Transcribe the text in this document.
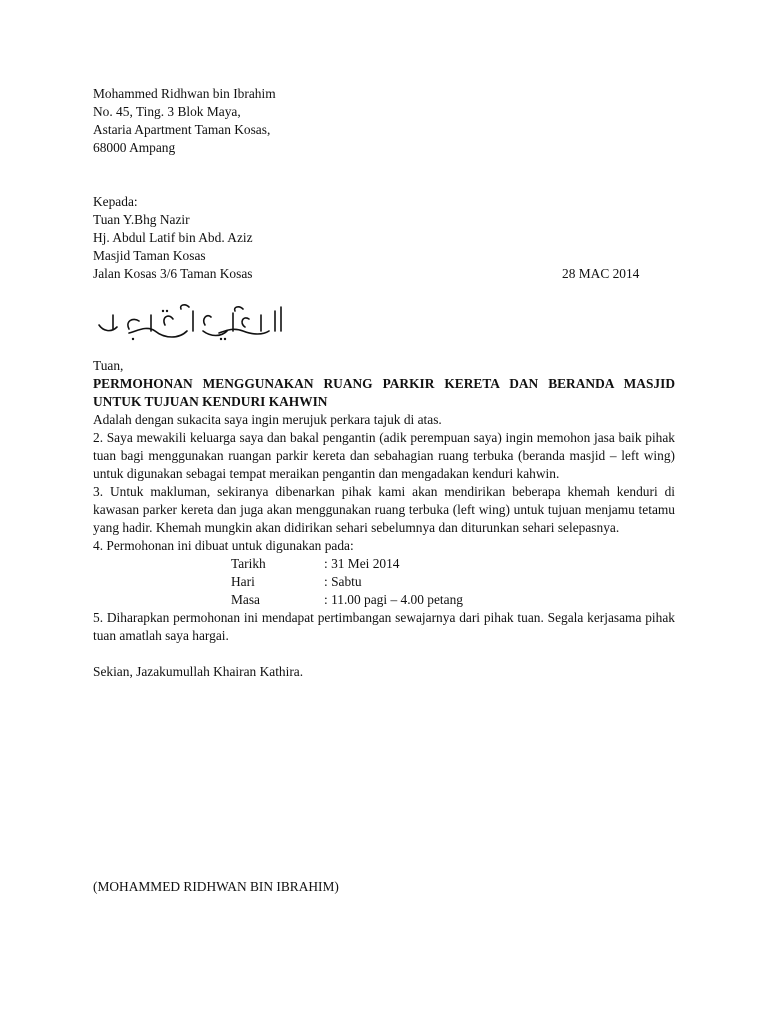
Mohammed Ridhwan bin Ibrahim
No. 45, Ting. 3 Blok Maya,
Astaria Apartment Taman Kosas,
68000 Ampang
Kepada:
Tuan Y.Bhg Nazir
Hj. Abdul Latif bin Abd. Aziz
Masjid Taman Kosas
Jalan Kosas 3/6 Taman Kosas	28 MAC 2014
Tuan,

PERMOHONAN MENGGUNAKAN RUANG PARKIR KERETA DAN BERANDA MASJID UNTUK TUJUAN KENDURI KAHWIN

Adalah dengan sukacita saya ingin merujuk perkara tajuk di atas.

2. Saya mewakili keluarga saya dan bakal pengantin (adik perempuan saya) ingin memohon jasa baik pihak tuan bagi menggunakan ruangan parkir kereta dan sebahagian ruang terbuka (beranda masjid – left wing) untuk digunakan sebagai tempat meraikan pengantin dan mengadakan kenduri kahwin.

3. Untuk makluman, sekiranya dibenarkan pihak kami akan mendirikan beberapa khemah kenduri di kawasan parker kereta dan juga akan menggunakan ruang terbuka (left wing) untuk tujuan menjamu tetamu yang hadir. Khemah mungkin akan didirikan sehari sebelumnya dan diturunkan sehari selepasnya.

4. Permohonan ini dibuat untuk digunakan pada:

Tarikh	: 31 Mei 2014
Hari	: Sabtu
Masa	: 11.00 pagi – 4.00 petang

5. Diharapkan permohonan ini mendapat pertimbangan sewajarnya dari pihak tuan. Segala kerjasama pihak tuan amatlah saya hargai.

Sekian, Jazakumullah Khairan Kathira.
(MOHAMMED RIDHWAN BIN IBRAHIM)
